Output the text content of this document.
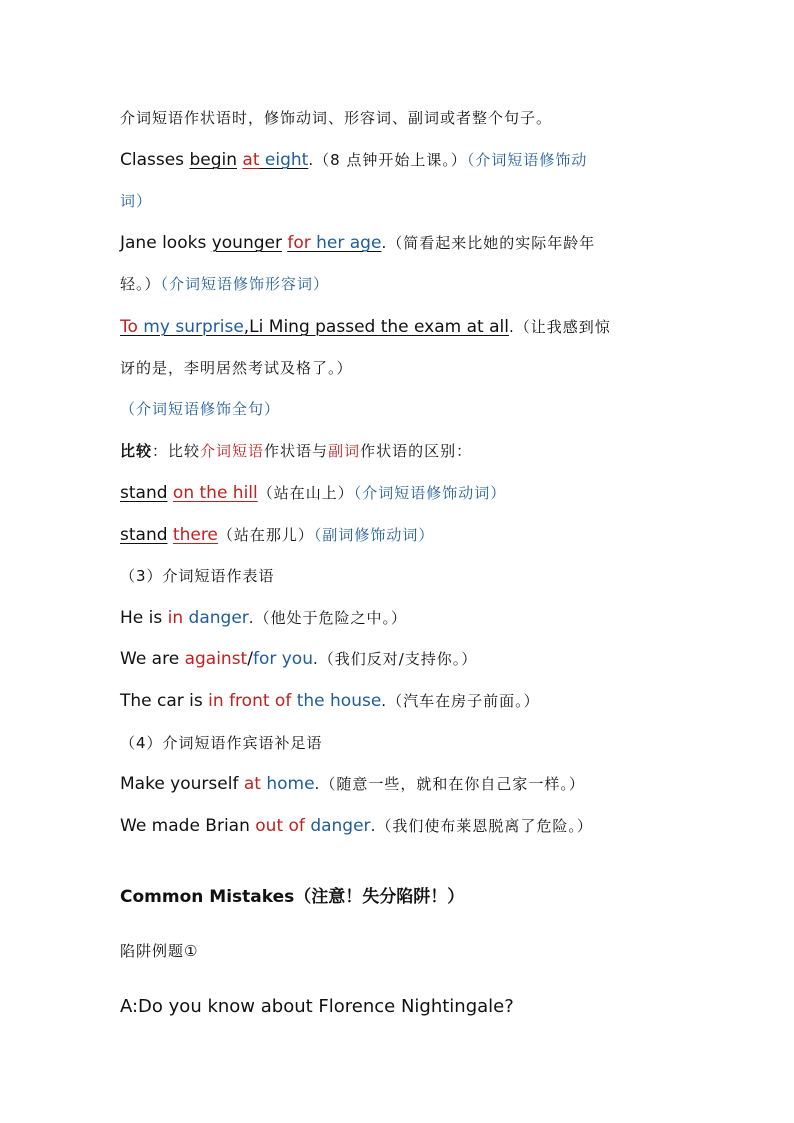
介词短语作状语时，修饰动词、形容词、副词或者整个句子。
Classes begin at eight.（8 点钟开始上课。）（介词短语修饰动
词）
Jane looks younger for her age.（简看起来比她的实际年龄年
轻。）（介词短语修饰形容词）
To my surprise,Li Ming passed the exam at all.（让我感到惊
讶的是，李明居然考试及格了。）
（介词短语修饰全句）
比较：比较介词短语作状语与副词作状语的区别：
stand on the hill（站在山上）（介词短语修饰动词）
stand there（站在那儿）（副词修饰动词）
（3）介词短语作表语
He is in danger.（他处于危险之中。）
We are against/for you.（我们反对/支持你。）
The car is in front of the house.（汽车在房子前面。）
（4）介词短语作宾语补足语
Make yourself at home.（随意一些，就和在你自己家一样。）
We made Brian out of danger.（我们使布莱恩脱离了危险。）
Common Mistakes（注意！失分陷阱！）
陷阱例题①
A:Do you know about Florence Nightingale?
